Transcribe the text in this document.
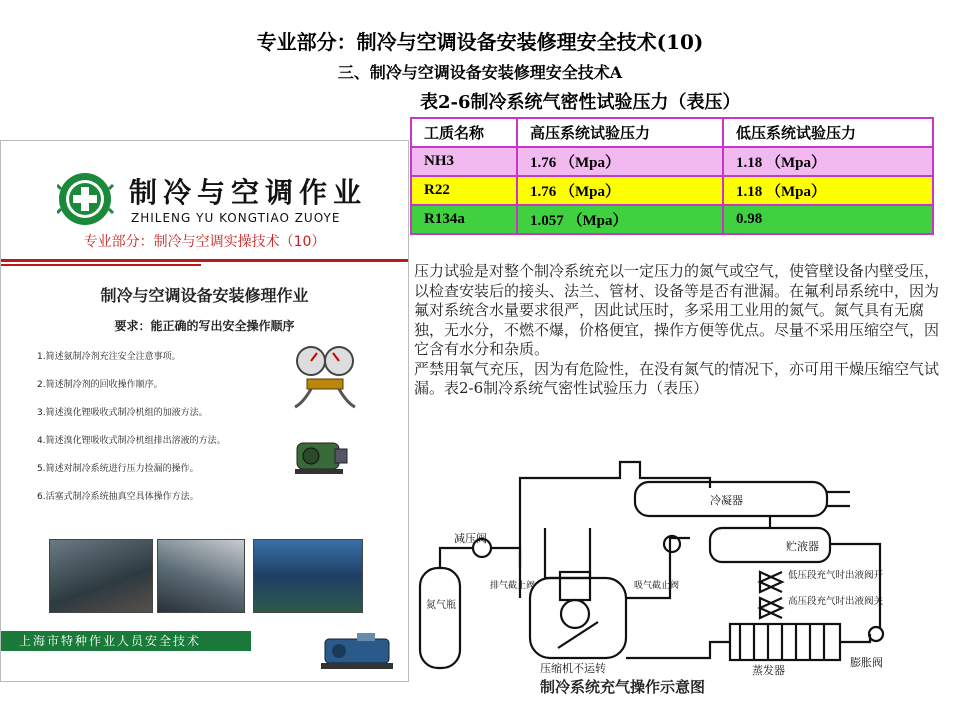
专业部分：制冷与空调设备安装修理安全技术(10)
三、制冷与空调设备安装修理安全技术A
表2-6制冷系统气密性试验压力（表压）
工质名称	高压系统试验压力	低压系统试验压力
NH3	1.76 （Mpa）	1.18 （Mpa）
R22	1.76 （Mpa）	1.18 （Mpa）
R134a	1.057 （Mpa）	0.98

压力试验是对整个制冷系统充以一定压力的氮气或空气，使管壁设备内壁受压，以检查安装后的接头、法兰、管材、设备等是否有泄漏。在氟利昂系统中，因为氟对系统含水量要求很严，因此试压时，多采用工业用的氮气。氮气具有无腐独，无水分，不燃不爆，价格便宜，操作方便等优点。尽量不采用压缩空气，因它含有水分和杂质。

严禁用氧气充压，因为有危险性，在没有氮气的情况下，亦可用干燥压缩空气试漏。表2-6制冷系统气密性试验压力（表压）

制冷与空调作业
ZHILENG YU KONGTIAO ZUOYE
专业部分：制冷与空调实操技术（10）
制冷与空调设备安装修理作业
要求：能正确的写出安全操作顺序
1.简述氨制冷剂充注安全注意事项。
2.简述制冷剂的回收操作顺序。
3.简述溴化锂吸收式制冷机组的加液方法。
4.简述溴化锂吸收式制冷机组排出溶液的方法。
5.简述对制冷系统进行压力捡漏的操作。
6.活塞式制冷系统抽真空具体操作方法。
上海市特种作业人员安全技术
冷凝器
贮液器
减压阀
氮气瓶
排气截止阀	吸气截止阀
低压段充气时出液阀开
高压段充气时出液阀关
压缩机不运转	蒸发器
膨胀阀
制冷系统充气操作示意图
